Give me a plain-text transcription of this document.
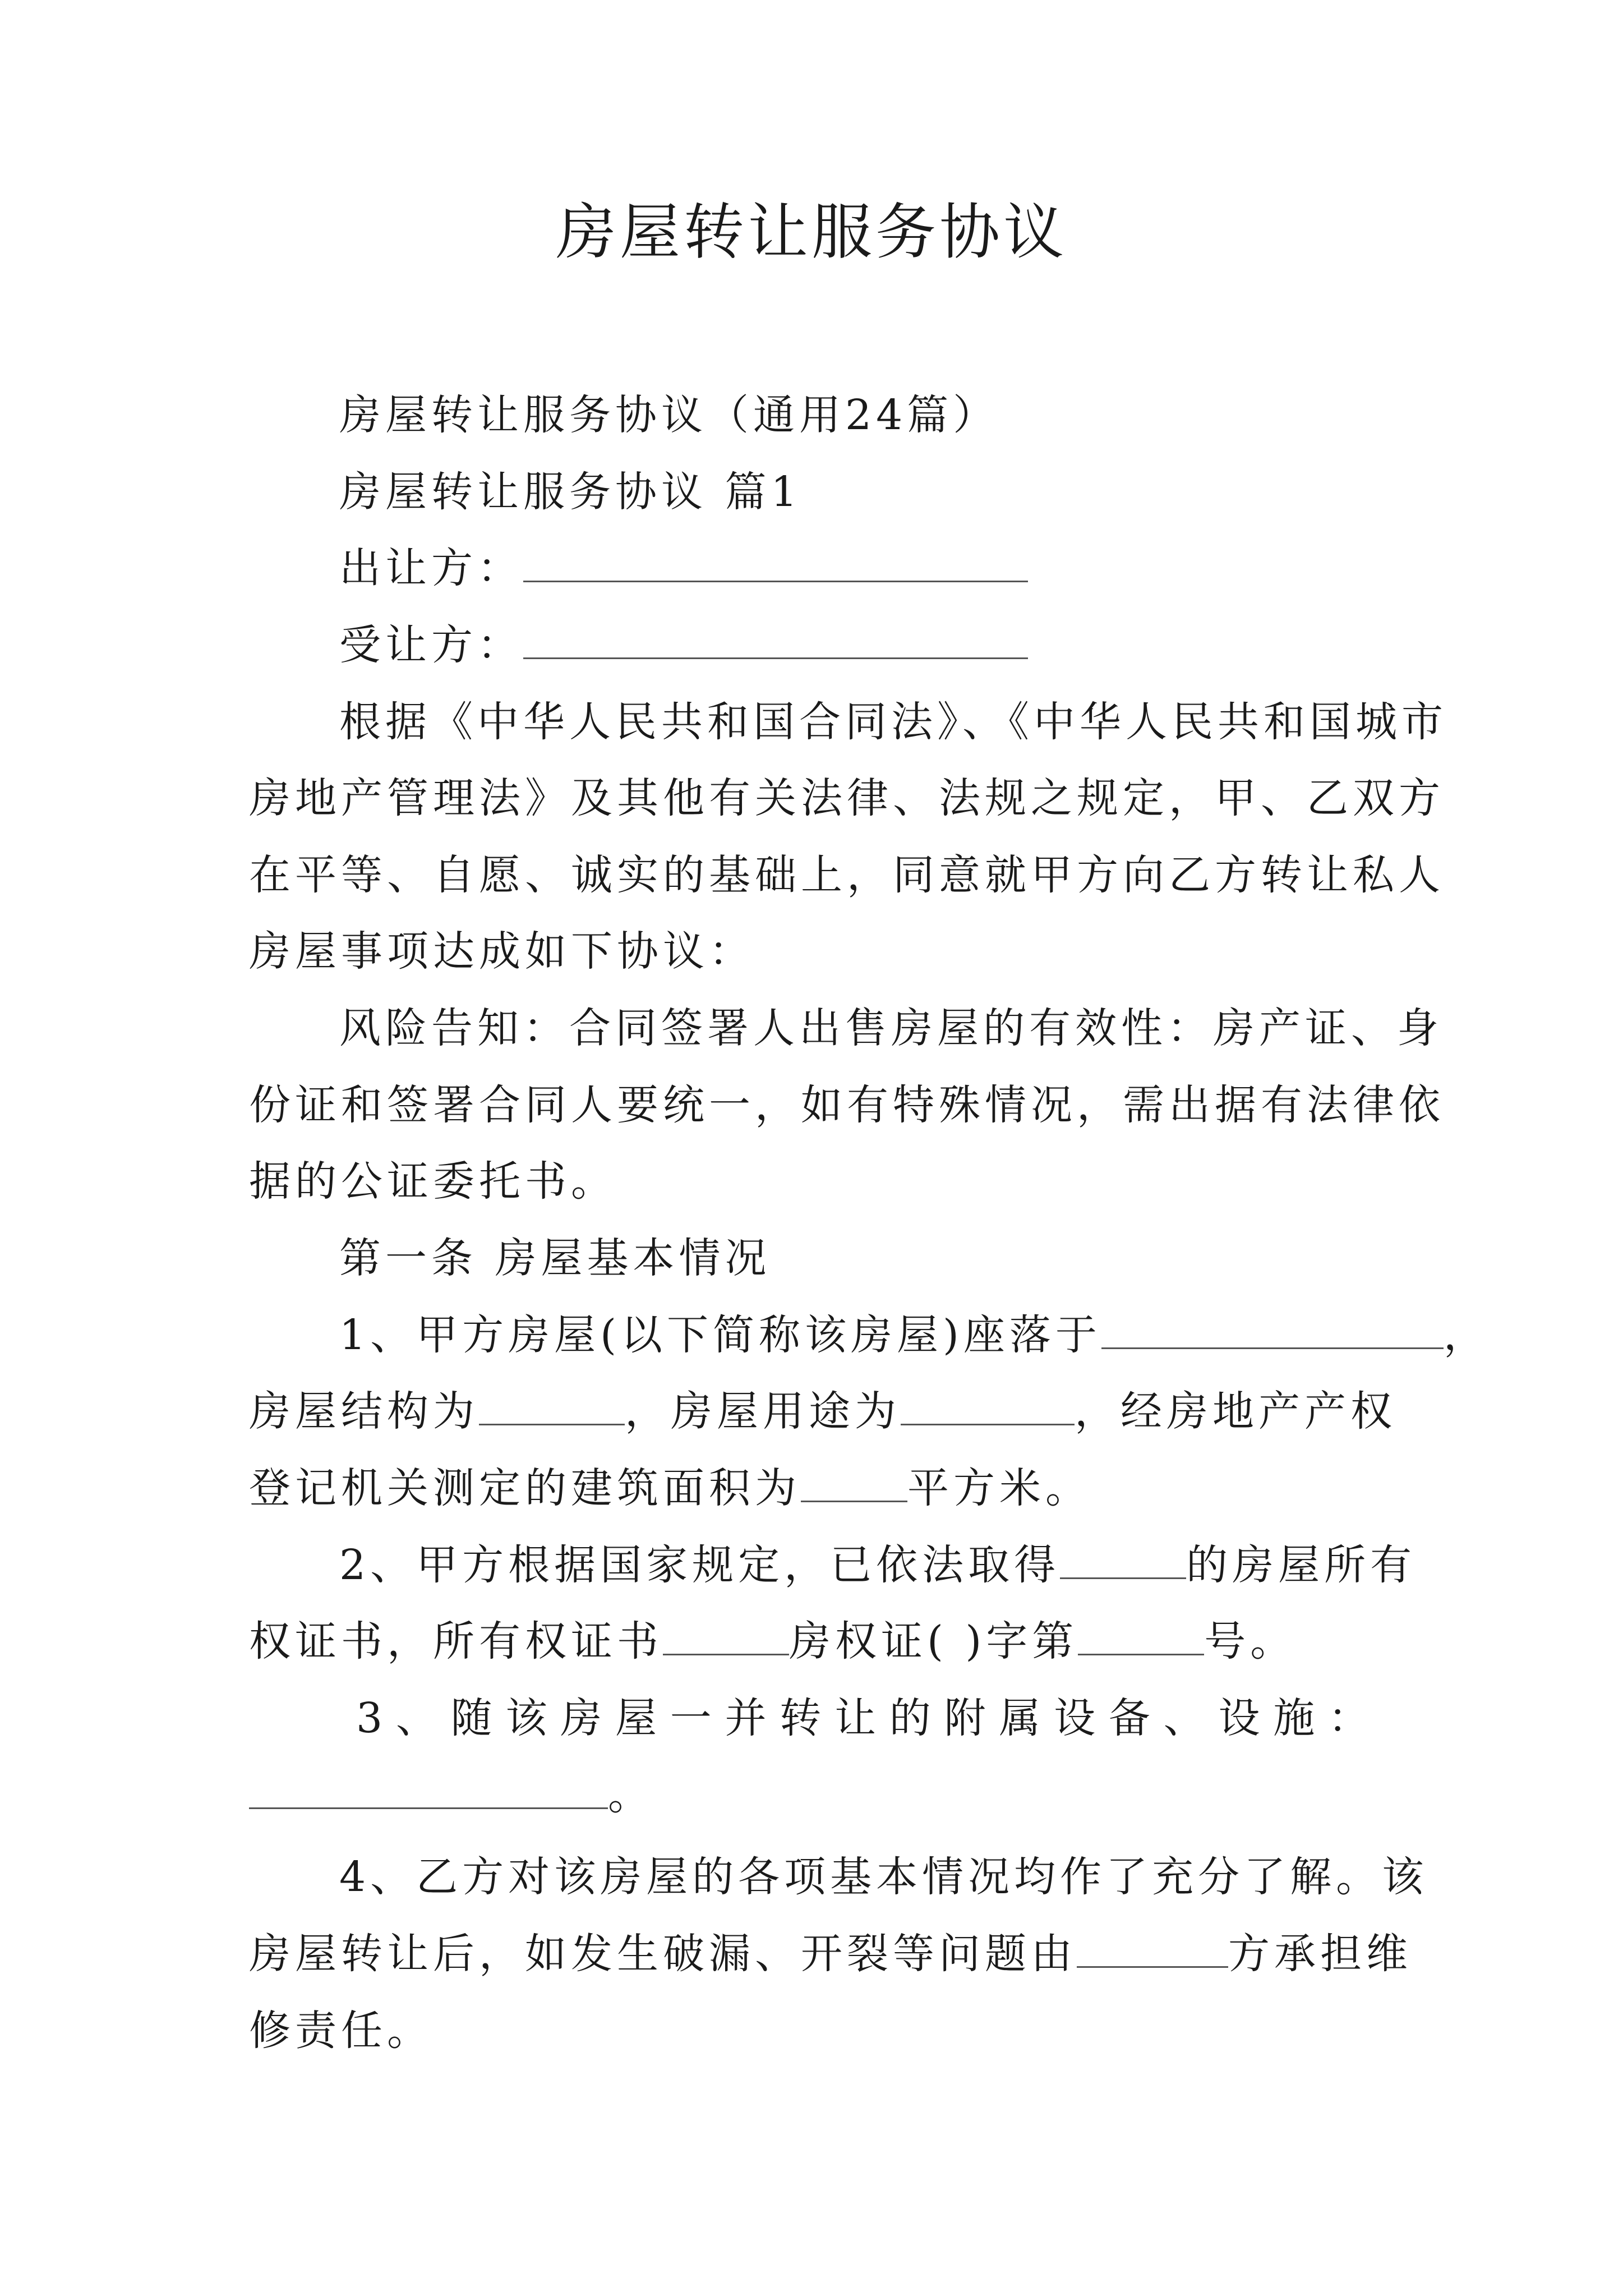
房屋转让服务协议
房屋转让服务协议（通用24篇）
房屋转让服务协议 篇1
出让方：
受让方：
根据《中华人民共和国合同法》、《中华人民共和国城市
房地产管理法》及其他有关法律、法规之规定，甲、乙双方
在平等、自愿、诚实的基础上，同意就甲方向乙方转让私人
房屋事项达成如下协议：
风险告知：合同签署人出售房屋的有效性：房产证、身
份证和签署合同人要统一，如有特殊情况，需出据有法律依
据的公证委托书。
第一条 房屋基本情况
1、甲方房屋(以下简称该房屋)座落于	，
房屋结构为	，房屋用途为	，经房地产产权
登记机关测定的建筑面积为	平方米。
2、甲方根据国家规定，已依法取得	的房屋所有
权证书，所有权证书	房权证( )字第	号。
3、随该房屋一并转让的附属设备、设施：
。
4、乙方对该房屋的各项基本情况均作了充分了解。该
房屋转让后，如发生破漏、开裂等问题由	方承担维
修责任。
